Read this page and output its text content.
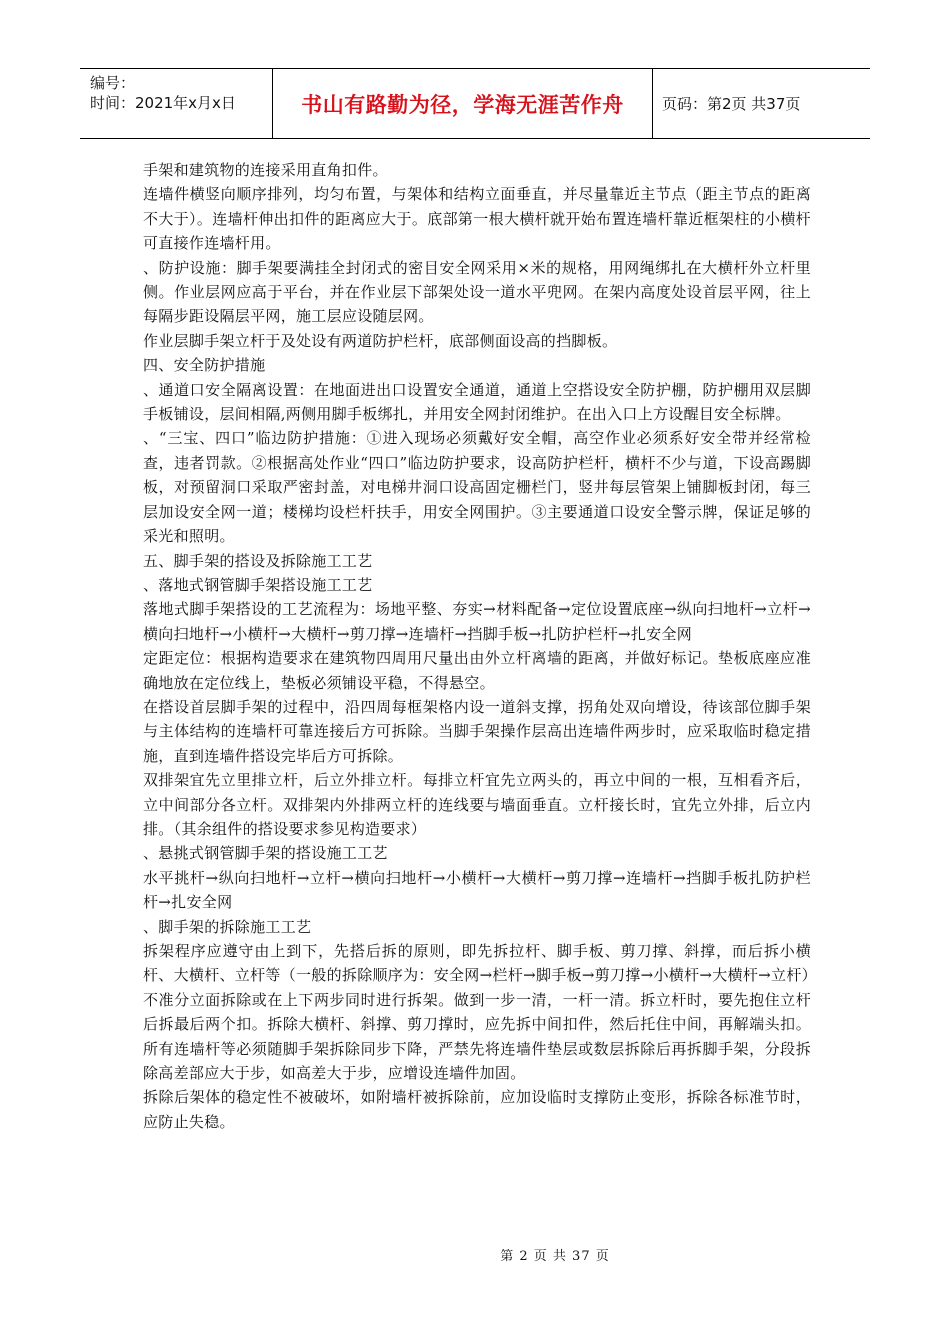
编号：
时间：2021年x月x日	书山有路勤为径，学海无涯苦作舟	页码：第2页 共37页

手架和建筑物的连接采用直角扣件。

连墙件横竖向顺序排列，均匀布置，与架体和结构立面垂直，并尽量靠近主节点（距主节点的距离不大于）。连墙杆伸出扣件的距离应大于。底部第一根大横杆就开始布置连墙杆靠近框架柱的小横杆可直接作连墙杆用。

、防护设施：脚手架要满挂全封闭式的密目安全网采用×米的规格，用网绳绑扎在大横杆外立杆里侧。作业层网应高于平台，并在作业层下部架处设一道水平兜网。在架内高度处设首层平网，往上每隔步距设隔层平网，施工层应设随层网。

作业层脚手架立杆于及处设有两道防护栏杆，底部侧面设高的挡脚板。

四、安全防护措施

、通道口安全隔离设置：在地面进出口设置安全通道，通道上空搭设安全防护棚，防护棚用双层脚手板铺设，层间相隔,两侧用脚手板绑扎，并用安全网封闭维护。在出入口上方设醒目安全标牌。

、“三宝、四口”临边防护措施：①进入现场必须戴好安全帽，高空作业必须系好安全带并经常检查，违者罚款。②根据高处作业“四口”临边防护要求，设高防护栏杆，横杆不少与道，下设高踢脚板，对预留洞口采取严密封盖，对电梯井洞口设高固定栅栏门，竖井每层管架上铺脚板封闭，每三层加设安全网一道；楼梯均设栏杆扶手，用安全网围护。③主要通道口设安全警示牌，保证足够的采光和照明。

五、脚手架的搭设及拆除施工工艺

、落地式钢管脚手架搭设施工工艺

落地式脚手架搭设的工艺流程为：场地平整、夯实→材料配备→定位设置底座→纵向扫地杆→立杆→横向扫地杆→小横杆→大横杆→剪刀撑→连墙杆→挡脚手板→扎防护栏杆→扎安全网

定距定位：根据构造要求在建筑物四周用尺量出由外立杆离墙的距离，并做好标记。垫板底座应准确地放在定位线上，垫板必须铺设平稳，不得悬空。

在搭设首层脚手架的过程中，沿四周每框架格内设一道斜支撑，拐角处双向增设，待该部位脚手架与主体结构的连墙杆可靠连接后方可拆除。当脚手架操作层高出连墙件两步时，应采取临时稳定措施，直到连墙件搭设完毕后方可拆除。

双排架宜先立里排立杆，后立外排立杆。每排立杆宜先立两头的，再立中间的一根，互相看齐后，立中间部分各立杆。双排架内外排两立杆的连线要与墙面垂直。立杆接长时，宜先立外排，后立内排。（其余组件的搭设要求参见构造要求）

、悬挑式钢管脚手架的搭设施工工艺

水平挑杆→纵向扫地杆→立杆→横向扫地杆→小横杆→大横杆→剪刀撑→连墙杆→挡脚手板扎防护栏杆→扎安全网

、脚手架的拆除施工工艺

拆架程序应遵守由上到下，先搭后拆的原则，即先拆拉杆、脚手板、剪刀撑、斜撑，而后拆小横杆、大横杆、立杆等（一般的拆除顺序为：安全网→栏杆→脚手板→剪刀撑→小横杆→大横杆→立杆）

不准分立面拆除或在上下两步同时进行拆架。做到一步一清，一杆一清。拆立杆时，要先抱住立杆后拆最后两个扣。拆除大横杆、斜撑、剪刀撑时，应先拆中间扣件，然后托住中间，再解端头扣。所有连墙杆等必须随脚手架拆除同步下降，严禁先将连墙件垫层或数层拆除后再拆脚手架，分段拆除高差部应大于步，如高差大于步，应增设连墙件加固。

拆除后架体的稳定性不被破坏，如附墙杆被拆除前，应加设临时支撑防止变形，拆除各标准节时，应防止失稳。

第 2 页 共 37 页
